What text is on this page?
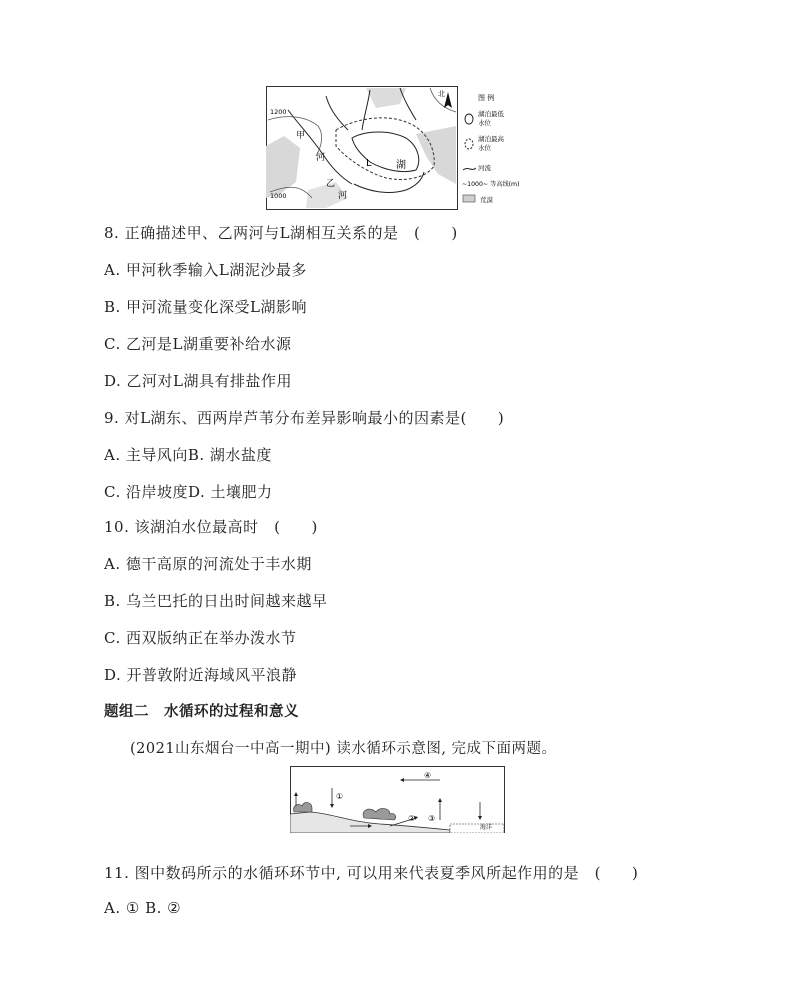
北
1200
1000
甲
河
乙
河
L 湖
图 例
湖泊最低
水位
湖泊最高
水位
河流
~1000~ 等高线(m)
荒漠
8. 正确描述甲、乙两河与L湖相互关系的是　(　　)
A. 甲河秋季输入L湖泥沙最多
B. 甲河流量变化深受L湖影响
C. 乙河是L湖重要补给水源
D. 乙河对L湖具有排盐作用
9. 对L湖东、西两岸芦苇分布差异影响最小的因素是(　　)
A. 主导风向B. 湖水盐度
C. 沿岸坡度D. 土壤肥力
10. 该湖泊水位最高时　(　　)
A. 德干高原的河流处于丰水期
B. 乌兰巴托的日出时间越来越早
C. 西双版纳正在举办泼水节
D. 开普敦附近海域风平浪静
题组二　水循环的过程和意义
(2021山东烟台一中高一期中) 读水循环示意图, 完成下面两题。
海洋
①
② ③
④
11. 图中数码所示的水循环环节中, 可以用来代表夏季风所起作用的是　(　　)
A. ① B. ②
